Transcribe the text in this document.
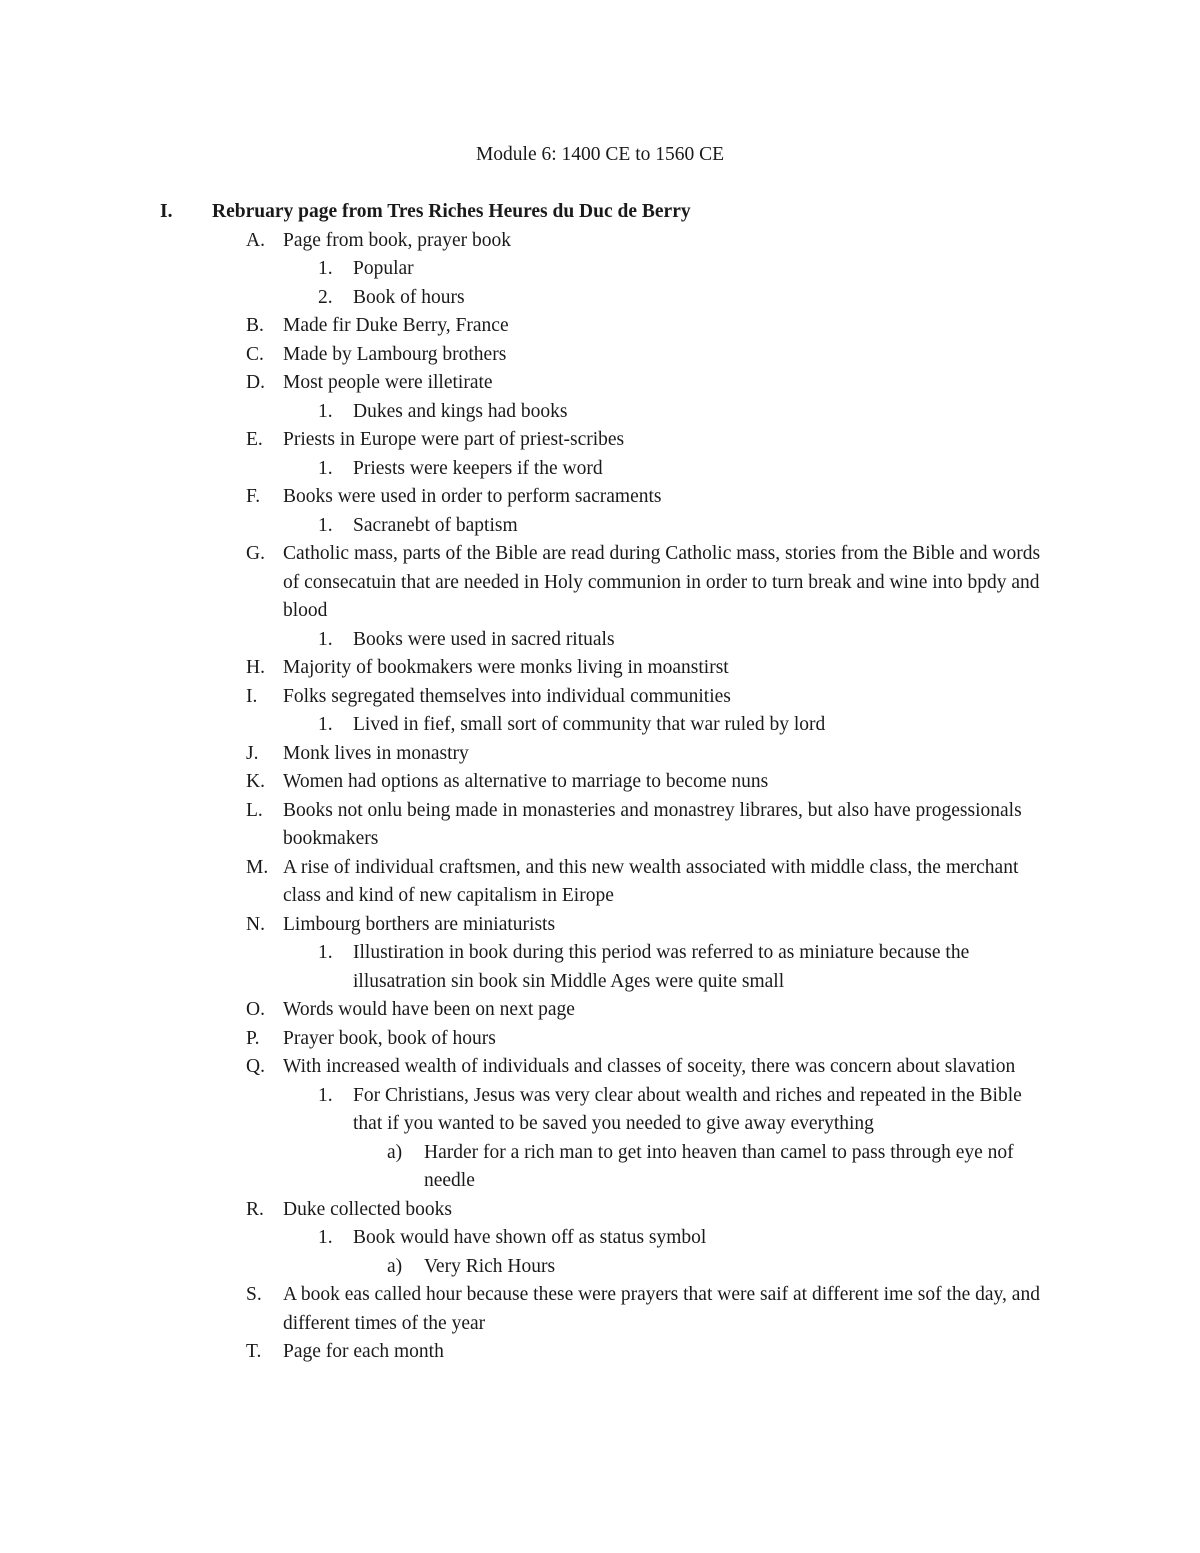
Module 6: 1400 CE to 1560 CE
I. Rebruary page from Tres Riches Heures du Duc de Berry
A. Page from book, prayer book
1. Popular
2. Book of hours
B. Made fir Duke Berry, France
C. Made by Lambourg brothers
D. Most people were illetirate
1. Dukes and kings had books
E. Priests in Europe were part of priest-scribes
1. Priests were keepers if the word
F. Books were used in order to perform sacraments
1. Sacranebt of baptism
G. Catholic mass, parts of the Bible are read during Catholic mass, stories from the Bible and words of consecatuin that are needed in Holy communion in order to turn break and wine into bpdy and blood
1. Books were used in sacred rituals
H. Majority of bookmakers were monks living in moanstirst
I. Folks segregated themselves into individual communities
1. Lived in fief, small sort of community that war ruled by lord
J. Monk lives in monastry
K. Women had options as alternative to marriage to become nuns
L. Books not onlu being made in monasteries and monastrey librares, but also have progessionals bookmakers
M. A rise of individual craftsmen, and this new wealth associated with middle class, the merchant class and kind of new capitalism in Eirope
N. Limbourg borthers are miniaturists
1. Illustiration in book during this period was referred to as miniature because the illusatration sin book sin Middle Ages were quite small
O. Words would have been on next page
P. Prayer book, book of hours
Q. With increased wealth of individuals and classes of soceity, there was concern about slavation
1. For Christians, Jesus was very clear about wealth and riches and repeated in the Bible that if you wanted to be saved you needed to give away everything
a) Harder for a rich man to get into heaven than camel to pass through eye nof needle
R. Duke collected books
1. Book would have shown off as status symbol
a) Very Rich Hours
S. A book eas called hour because these were prayers that were saif at different ime sof the day, and different times of the year
T. Page for each month
